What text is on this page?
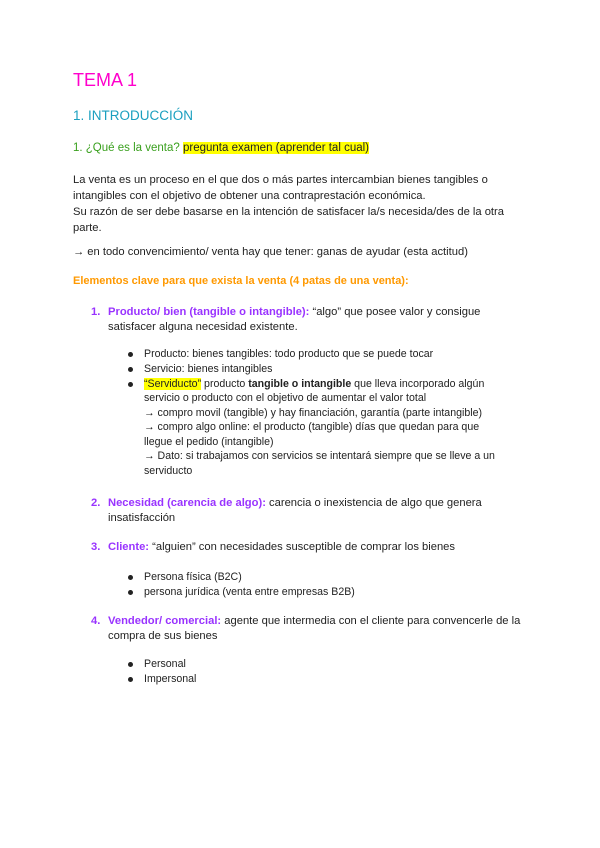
TEMA 1
1. INTRODUCCIÓN
1. ¿Qué es la venta? pregunta examen (aprender tal cual)
La venta es un proceso en el que dos o más partes intercambian bienes tangibles o
intangibles con el objetivo de obtener una contraprestación económica.
Su razón de ser debe basarse en la intención de satisfacer la/s necesida/des de la otra
parte.
→ en todo convencimiento/ venta hay que tener: ganas de ayudar (esta actitud)
Elementos clave para que exista la venta (4 patas de una venta):
1. Producto/ bien (tangible o intangible): “algo” que posee valor y consigue
satisfacer alguna necesidad existente.
Producto: bienes tangibles: todo producto que se puede tocar
Servicio: bienes intangibles
“Serviducto” producto tangible o intangible que lleva incorporado algún
servicio o producto con el objetivo de aumentar el valor total
→ compro movil (tangible) y hay financiación, garantía (parte intangible)
→ compro algo online: el producto (tangible) días que quedan para que
llegue el pedido (intangible)
→ Dato: si trabajamos con servicios se intentará siempre que se lleve a un
serviducto
2. Necesidad (carencia de algo): carencia o inexistencia de algo que genera
insatisfacción
3. Cliente: “alguien” con necesidades susceptible de comprar los bienes
Persona física (B2C)
persona jurídica (venta entre empresas B2B)
4. Vendedor/ comercial: agente que intermedia con el cliente para convencerle de la
compra de sus bienes
Personal
Impersonal
